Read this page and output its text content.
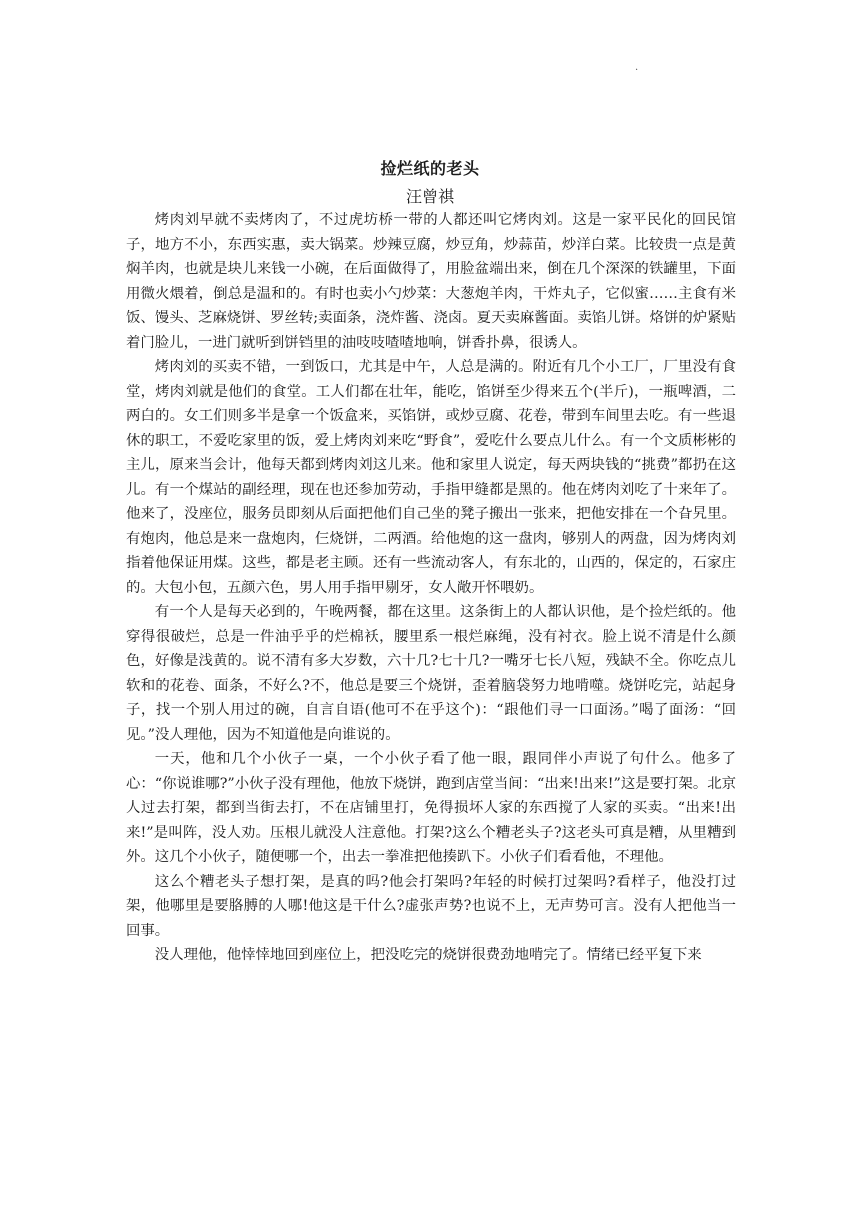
.
捡烂纸的老头
汪曾祺

烤肉刘早就不卖烤肉了，不过虎坊桥一带的人都还叫它烤肉刘。这是一家平民化的回民馆子，地方不小，东西实惠，卖大锅菜。炒辣豆腐，炒豆角，炒蒜苗，炒洋白菜。比较贵一点是黄焖羊肉，也就是块儿来钱一小碗，在后面做得了，用脸盆端出来，倒在几个深深的铁罐里，下面用微火煨着，倒总是温和的。有时也卖小勺炒菜：大葱炮羊肉，干炸丸子，它似蜜……主食有米饭、馒头、芝麻烧饼、罗丝转;卖面条，浇炸酱、浇卤。夏天卖麻酱面。卖馅儿饼。烙饼的炉紧贴着门脸儿，一进门就听到饼铛里的油吱吱喳喳地响，饼香扑鼻，很诱人。

烤肉刘的买卖不错，一到饭口，尤其是中午，人总是满的。附近有几个小工厂，厂里没有食堂，烤肉刘就是他们的食堂。工人们都在壮年，能吃，馅饼至少得来五个(半斤)，一瓶啤酒，二两白的。女工们则多半是拿一个饭盒来，买馅饼，或炒豆腐、花卷，带到车间里去吃。有一些退休的职工，不爱吃家里的饭，爱上烤肉刘来吃“野食”，爱吃什么要点儿什么。有一个文质彬彬的主儿，原来当会计，他每天都到烤肉刘这儿来。他和家里人说定，每天两块钱的“挑费”都扔在这儿。有一个煤站的副经理，现在也还参加劳动，手指甲缝都是黑的。他在烤肉刘吃了十来年了。他来了，没座位，服务员即刻从后面把他们自己坐的凳子搬出一张来，把他安排在一个旮旯里。有炮肉，他总是来一盘炮肉，仨烧饼，二两酒。给他炮的这一盘肉，够别人的两盘，因为烤肉刘指着他保证用煤。这些，都是老主顾。还有一些流动客人，有东北的，山西的，保定的，石家庄的。大包小包，五颜六色，男人用手指甲剔牙，女人敞开怀喂奶。

有一个人是每天必到的，午晚两餐，都在这里。这条街上的人都认识他，是个捡烂纸的。他穿得很破烂，总是一件油乎乎的烂棉袄，腰里系一根烂麻绳，没有衬衣。脸上说不清是什么颜色，好像是浅黄的。说不清有多大岁数，六十几?七十几?一嘴牙七长八短，残缺不全。你吃点儿软和的花卷、面条，不好么?不，他总是要三个烧饼，歪着脑袋努力地啃噬。烧饼吃完，站起身子，找一个别人用过的碗，自言自语(他可不在乎这个)：“跟他们寻一口面汤。”喝了面汤：“回见。”没人理他，因为不知道他是向谁说的。

一天，他和几个小伙子一桌，一个小伙子看了他一眼，跟同伴小声说了句什么。他多了心：“你说谁哪?”小伙子没有理他，他放下烧饼，跑到店堂当间：“出来!出来!”这是要打架。北京人过去打架，都到当街去打，不在店铺里打，免得损坏人家的东西搅了人家的买卖。“出来!出来!”是叫阵，没人劝。压根儿就没人注意他。打架?这么个糟老头子?这老头可真是糟，从里糟到外。这几个小伙子，随便哪一个，出去一拳准把他揍趴下。小伙子们看看他，不理他。

这么个糟老头子想打架，是真的吗?他会打架吗?年轻的时候打过架吗?看样子，他没打过架，他哪里是要胳膊的人哪!他这是干什么?虚张声势?也说不上，无声势可言。没有人把他当一回事。

没人理他，他悻悻地回到座位上，把没吃完的烧饼很费劲地啃完了。情绪已经平复下来
